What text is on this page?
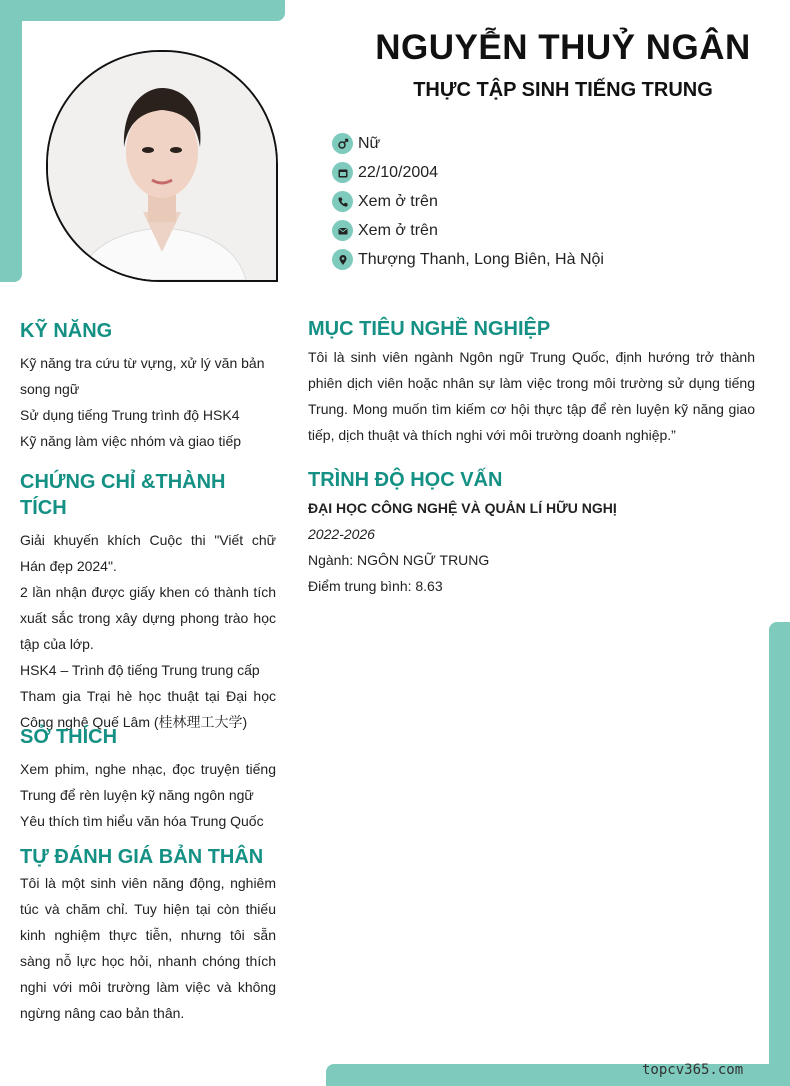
NGUYỄN THUỶ NGÂN
THỰC TẬP SINH TIẾNG TRUNG
Nữ
22/10/2004
Xem ở trên
Xem ở trên
Thượng Thanh, Long Biên, Hà Nội
KỸ NĂNG

Kỹ năng tra cứu từ vựng, xử lý văn bản song ngữ

Sử dụng tiếng Trung trình độ HSK4

Kỹ năng làm việc nhóm và giao tiếp

CHỨNG CHỈ &THÀNH TÍCH

Giải khuyến khích Cuộc thi "Viết chữ Hán đẹp 2024".

2 lần nhận được giấy khen có thành tích xuất sắc trong xây dựng phong trào học tập của lớp.

HSK4 – Trình độ tiếng Trung trung cấp

Tham gia Trại hè học thuật tại Đại học Công nghệ Quế Lâm (桂林理工大学)

SỞ THÍCH

Xem phim, nghe nhạc, đọc truyện tiếng Trung để rèn luyện kỹ năng ngôn ngữ

Yêu thích tìm hiểu văn hóa Trung Quốc

TỰ ĐÁNH GIÁ BẢN THÂN

Tôi là một sinh viên năng động, nghiêm túc và chăm chỉ. Tuy hiện tại còn thiếu kinh nghiệm thực tiễn, nhưng tôi sẵn sàng nỗ lực học hỏi, nhanh chóng thích nghi với môi trường làm việc và không ngừng nâng cao bản thân.

MỤC TIÊU NGHỀ NGHIỆP

Tôi là sinh viên ngành Ngôn ngữ Trung Quốc, định hướng trở thành phiên dịch viên hoặc nhân sự làm việc trong môi trường sử dụng tiếng Trung. Mong muốn tìm kiếm cơ hội thực tập để rèn luyện kỹ năng giao tiếp, dịch thuật và thích nghi với môi trường doanh nghiệp.”

TRÌNH ĐỘ HỌC VẤN
ĐẠI HỌC CÔNG NGHỆ VÀ QUẢN LÍ HỮU NGHỊ
2022-2026
Ngành: NGÔN NGỮ TRUNG
Điểm trung bình: 8.63
topcv365.com
